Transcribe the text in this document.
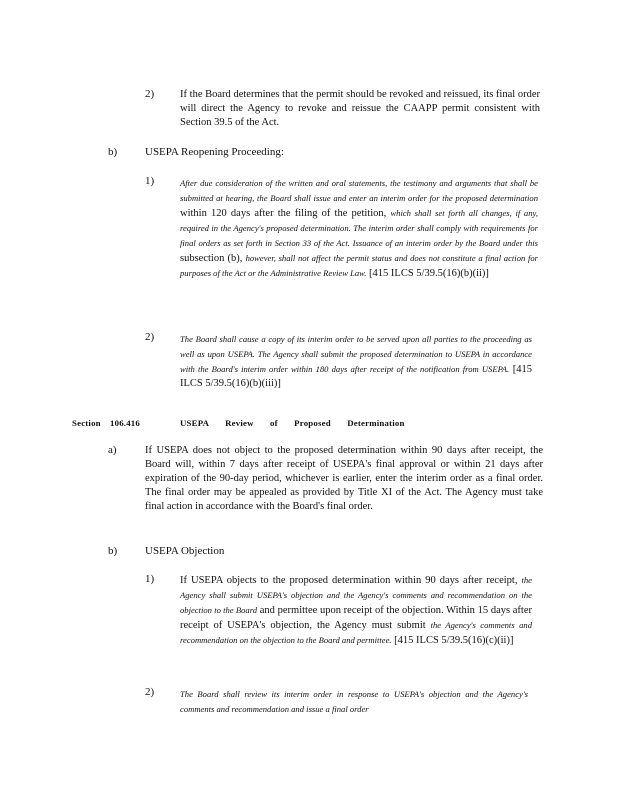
2) If the Board determines that the permit should be revoked and reissued, its final order will direct the Agency to revoke and reissue the CAAPP permit consistent with Section 39.5 of the Act.
b)	USEPA Reopening Proceeding:
1)	After due consideration of the written and oral statements, the testimony and arguments that shall be submitted at hearing, the Board shall issue and enter an interim order for the proposed determination within 120 days after the filing of the petition, which shall set forth all changes, if any, required in the Agency's proposed determination. The interim order shall comply with requirements for final orders as set forth in Section 33 of the Act. Issuance of an interim order by the Board under this subsection (b), however, shall not affect the permit status and does not constitute a final action for purposes of the Act or the Administrative Review Law. [415 ILCS 5/39.5(16)(b)(ii)]
2)	The Board shall cause a copy of its interim order to be served upon all parties to the proceeding as well as upon USEPA. The Agency shall submit the proposed determination to USEPA in accordance with the Board's interim order within 180 days after receipt of the notification from USEPA. [415 ILCS 5/39.5(16)(b)(iii)]
Section 106.416	USEPA Review of Proposed Determination
a)	If USEPA does not object to the proposed determination within 90 days after receipt, the Board will, within 7 days after receipt of USEPA's final approval or within 21 days after expiration of the 90-day period, whichever is earlier, enter the interim order as a final order. The final order may be appealed as provided by Title XI of the Act. The Agency must take final action in accordance with the Board's final order.
b)	USEPA Objection
1) If USEPA objects to the proposed determination within 90 days after receipt, the Agency shall submit USEPA's objection and the Agency's comments and recommendation on the objection to the Board and permittee upon receipt of the objection. Within 15 days after receipt of USEPA's objection, the Agency must submit the Agency's comments and recommendation on the objection to the Board and permittee. [415 ILCS 5/39.5(16)(c)(ii)]
2)	The Board shall review its interim order in response to USEPA's objection and the Agency's comments and recommendation and issue a final order
